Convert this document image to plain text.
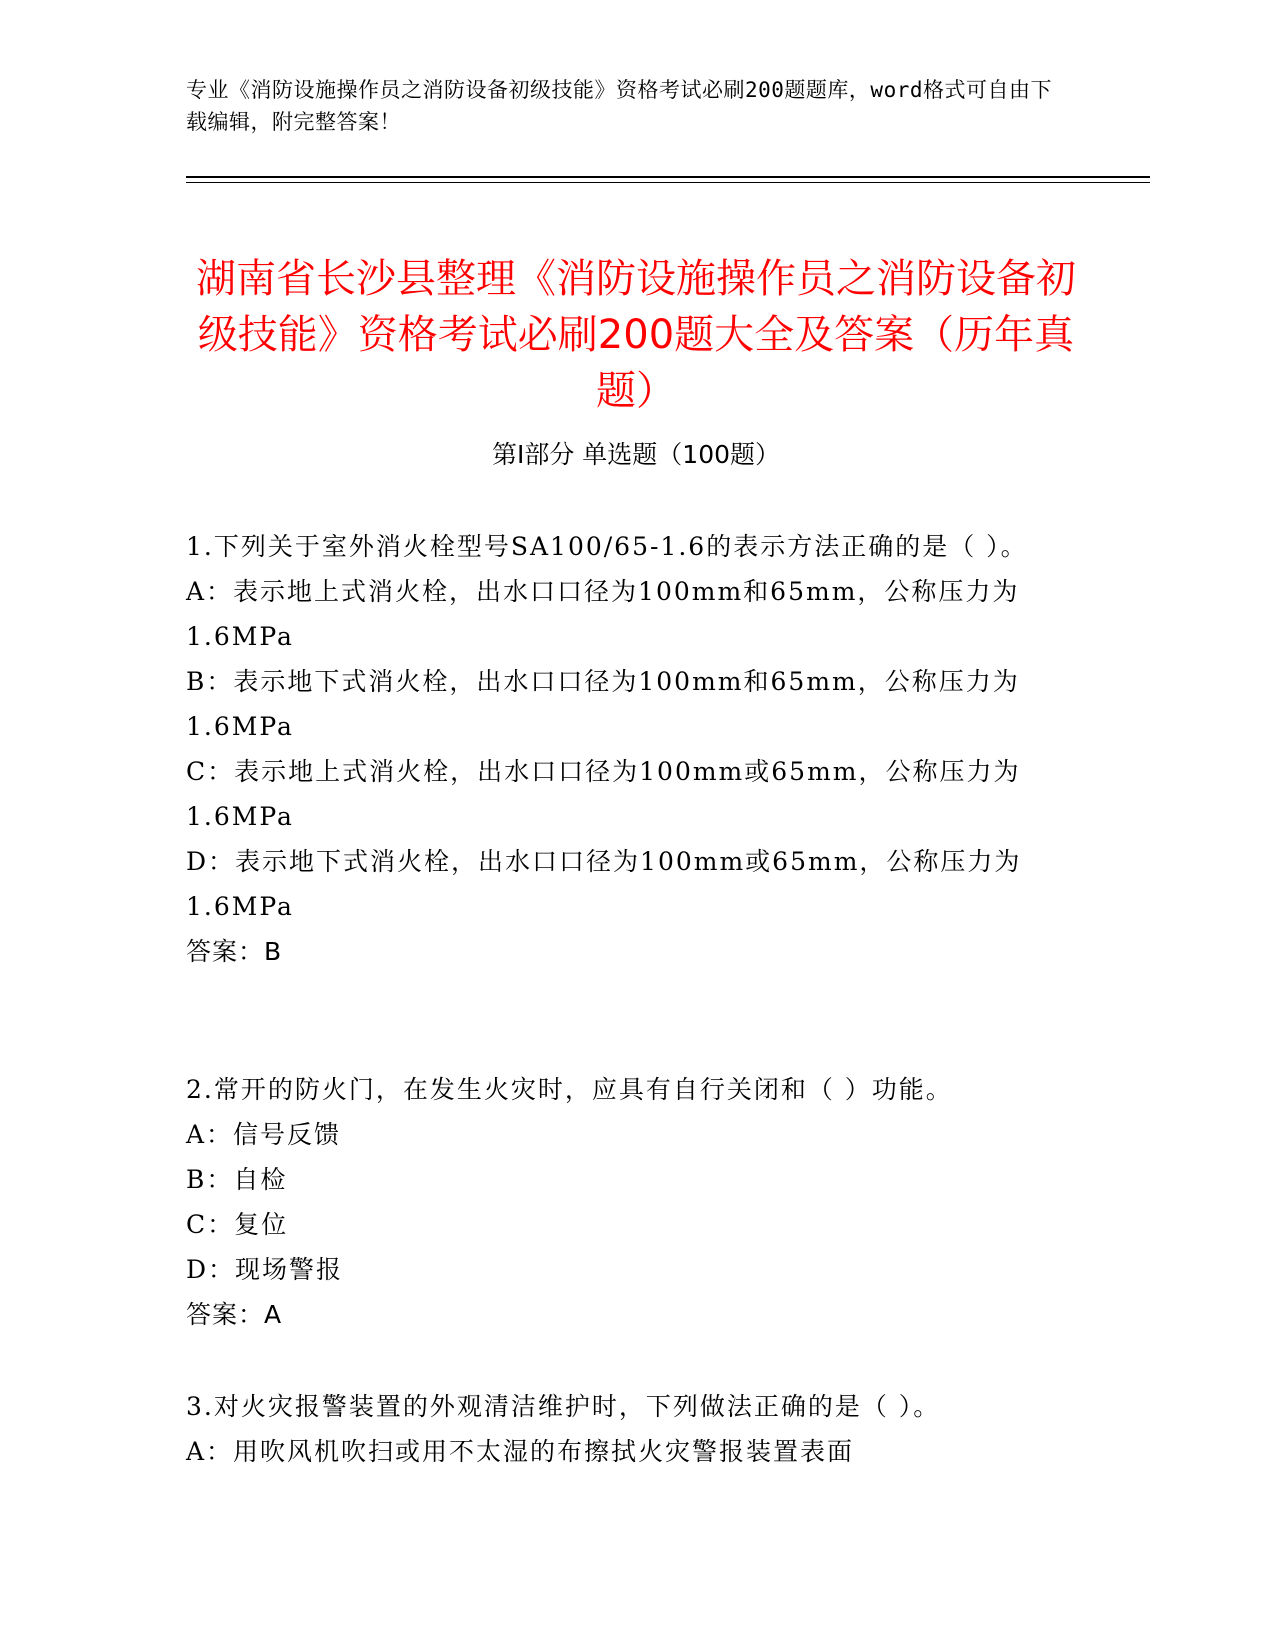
专业《消防设施操作员之消防设备初级技能》资格考试必刷200题题库，word格式可自由下载编辑，附完整答案！
湖南省长沙县整理《消防设施操作员之消防设备初级技能》资格考试必刷200题大全及答案（历年真题）
第Ⅰ部分 单选题（100题）

1.下列关于室外消火栓型号SA100/65-1.6的表示方法正确的是（ ）。

A：表示地上式消火栓，出水口口径为100mm和65mm，公称压力为1.6MPa

B：表示地下式消火栓，出水口口径为100mm和65mm，公称压力为1.6MPa

C：表示地上式消火栓，出水口口径为100mm或65mm，公称压力为1.6MPa

D：表示地下式消火栓，出水口口径为100mm或65mm，公称压力为1.6MPa

答案：B

2.常开的防火门，在发生火灾时，应具有自行关闭和（ ）功能。

A：信号反馈

B：自检

C：复位

D：现场警报

答案：A

3.对火灾报警装置的外观清洁维护时，下列做法正确的是（ ）。

A：用吹风机吹扫或用不太湿的布擦拭火灾警报装置表面
